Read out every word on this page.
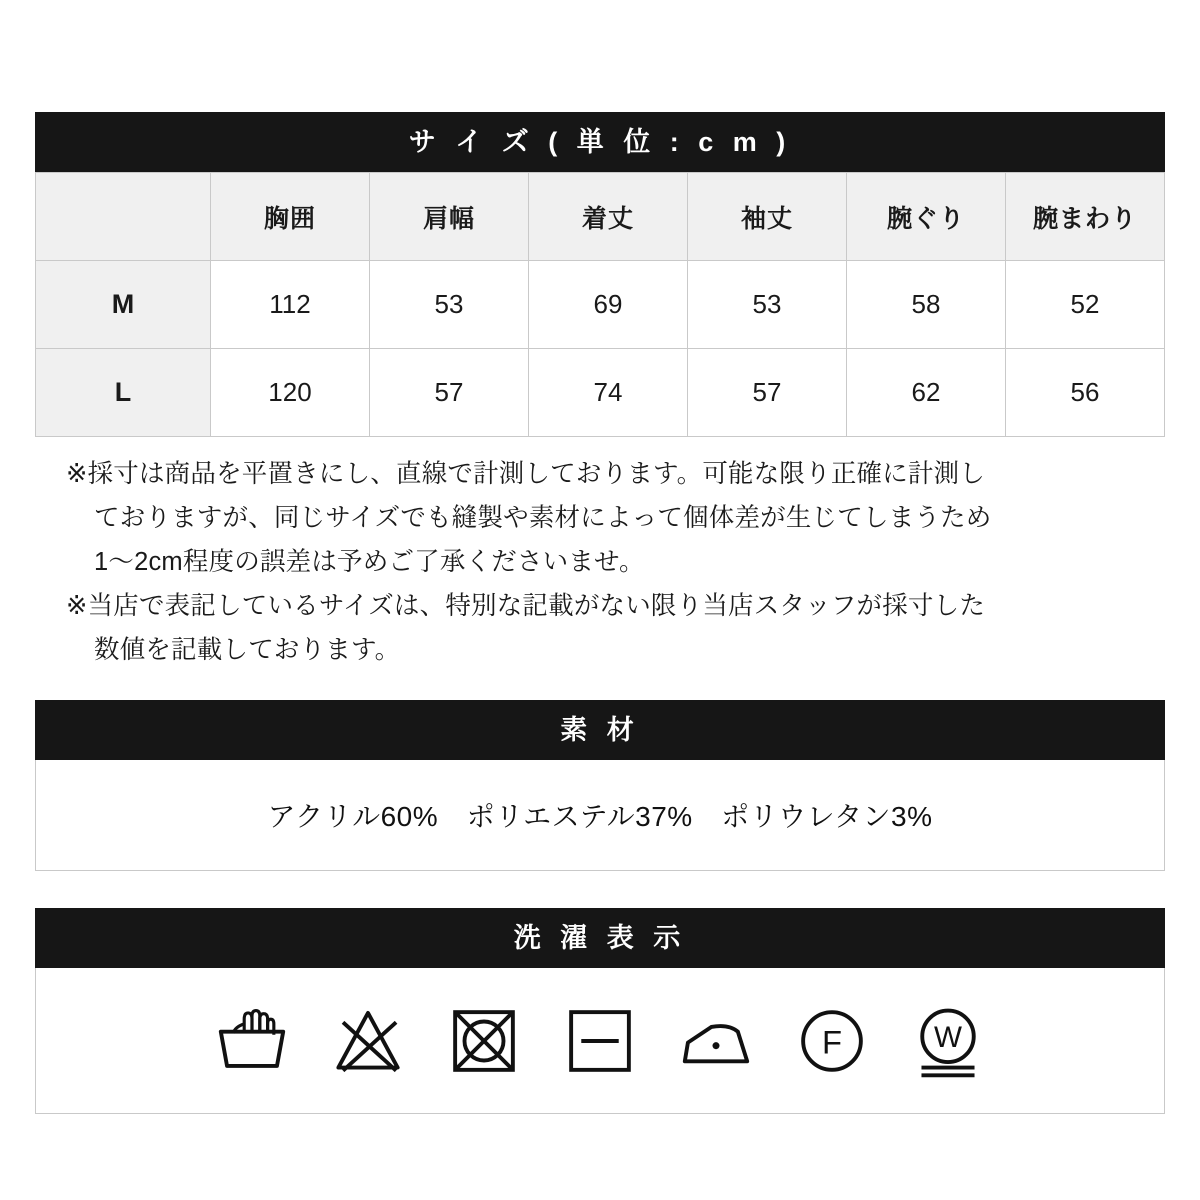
サ イ ズ ( 単 位 : c m )
	胸囲	肩幅	着丈	袖丈	腕ぐり	腕まわり
M	112	53	69	53	58	52
L	120	57	74	57	62	56

※採寸は商品を平置きにし、直線で計測しております。可能な限り正確に計測し

ておりますが、同じサイズでも縫製や素材によって個体差が生じてしまうため

1〜2cm程度の誤差は予めご了承くださいませ。

※当店で表記しているサイズは、特別な記載がない限り当店スタッフが採寸した

数値を記載しております。

素 材
アクリル60%　ポリエステル37%　ポリウレタン3%
洗 濯 表 示
F W
